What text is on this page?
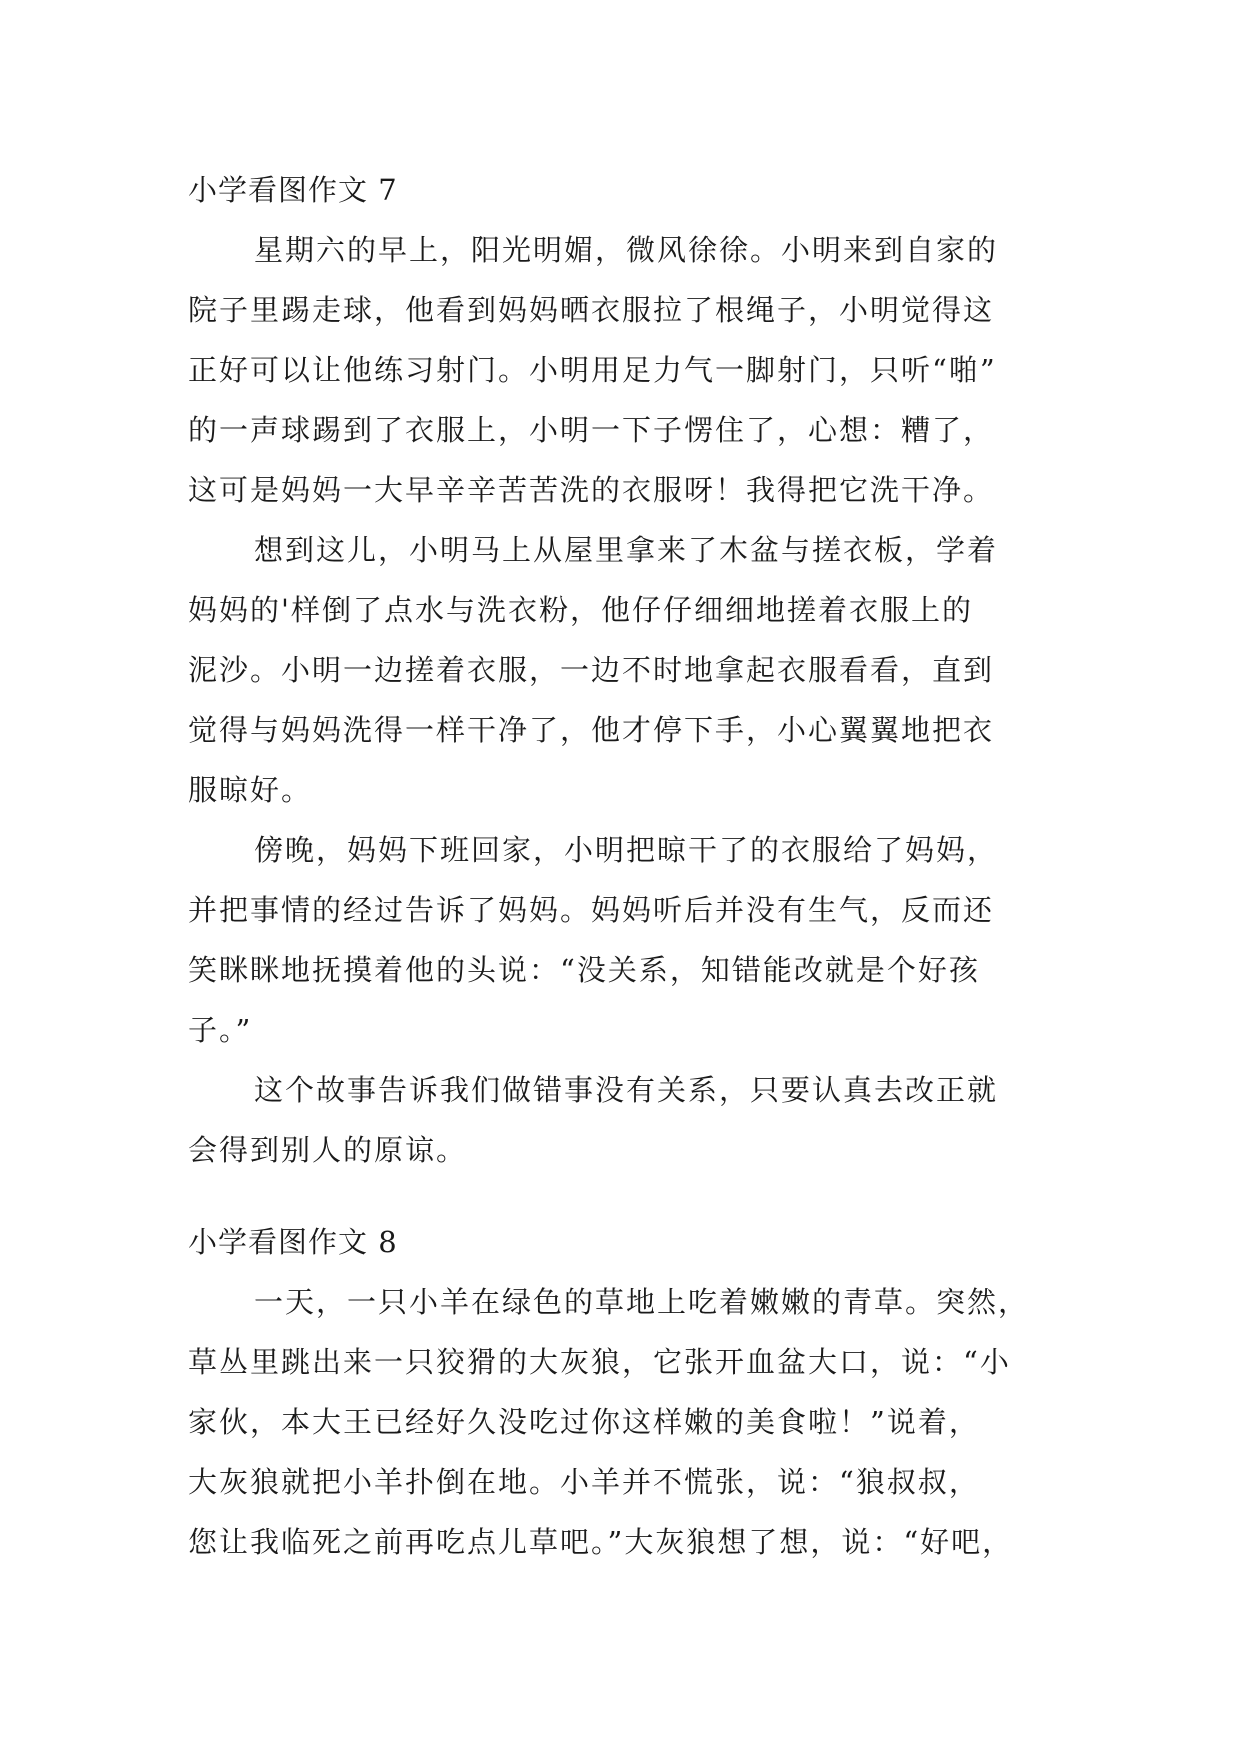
小学看图作文 7

星期六的早上，阳光明媚，微风徐徐。小明来到自家的
院子里踢走球，他看到妈妈晒衣服拉了根绳子，小明觉得这
正好可以让他练习射门。小明用足力气一脚射门，只听“啪”
的一声球踢到了衣服上，小明一下子愣住了，心想：糟了，
这可是妈妈一大早辛辛苦苦洗的衣服呀！我得把它洗干净。

想到这儿，小明马上从屋里拿来了木盆与搓衣板，学着
妈妈的'样倒了点水与洗衣粉，他仔仔细细地搓着衣服上的
泥沙。小明一边搓着衣服，一边不时地拿起衣服看看，直到
觉得与妈妈洗得一样干净了，他才停下手，小心翼翼地把衣
服晾好。

傍晚，妈妈下班回家，小明把晾干了的衣服给了妈妈，
并把事情的经过告诉了妈妈。妈妈听后并没有生气，反而还
笑眯眯地抚摸着他的头说：“没关系，知错能改就是个好孩
子。”

这个故事告诉我们做错事没有关系，只要认真去改正就
会得到别人的原谅。

小学看图作文 8

一天，一只小羊在绿色的草地上吃着嫩嫩的青草。突然，
草丛里跳出来一只狡猾的大灰狼，它张开血盆大口，说：“小
家伙，本大王已经好久没吃过你这样嫩的美食啦！”说着，
大灰狼就把小羊扑倒在地。小羊并不慌张，说：“狼叔叔，
您让我临死之前再吃点儿草吧。”大灰狼想了想，说：“好吧，
